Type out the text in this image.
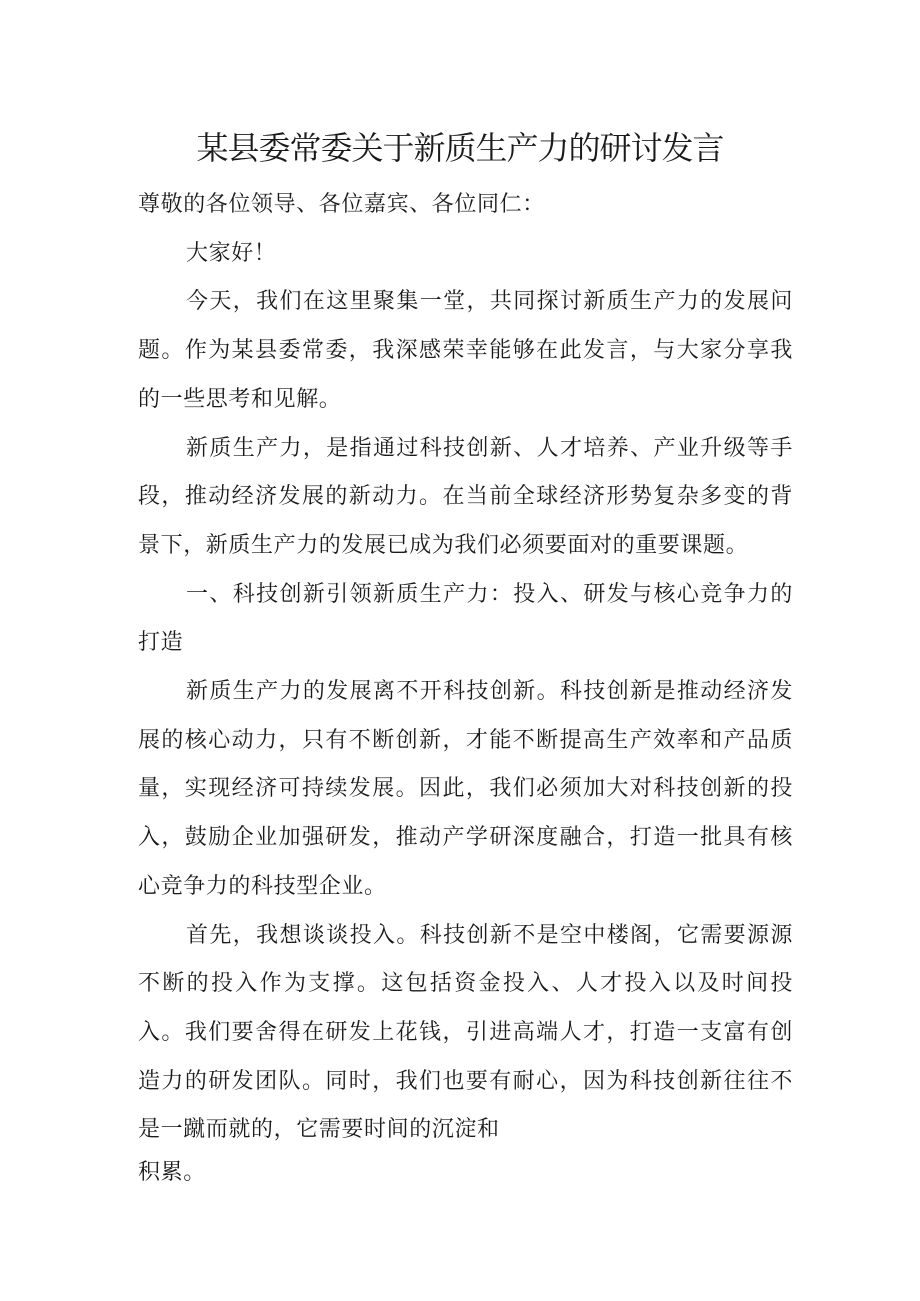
某县委常委关于新质生产力的研讨发言

尊敬的各位领导、各位嘉宾、各位同仁：

大家好！

今天，我们在这里聚集一堂，共同探讨新质生产力的发展问题。作为某县委常委，我深感荣幸能够在此发言，与大家分享我的一些思考和见解。

新质生产力，是指通过科技创新、人才培养、产业升级等手段，推动经济发展的新动力。在当前全球经济形势复杂多变的背景下，新质生产力的发展已成为我们必须要面对的重要课题。

一、科技创新引领新质生产力：投入、研发与核心竞争力的打造

新质生产力的发展离不开科技创新。科技创新是推动经济发展的核心动力，只有不断创新，才能不断提高生产效率和产品质量，实现经济可持续发展。因此，我们必须加大对科技创新的投入，鼓励企业加强研发，推动产学研深度融合，打造一批具有核心竞争力的科技型企业。

首先，我想谈谈投入。科技创新不是空中楼阁，它需要源源不断的投入作为支撑。这包括资金投入、人才投入以及时间投入。我们要舍得在研发上花钱，引进高端人才，打造一支富有创造力的研发团队。同时，我们也要有耐心，因为科技创新往往不是一蹴而就的，它需要时间的沉淀和

积累。
